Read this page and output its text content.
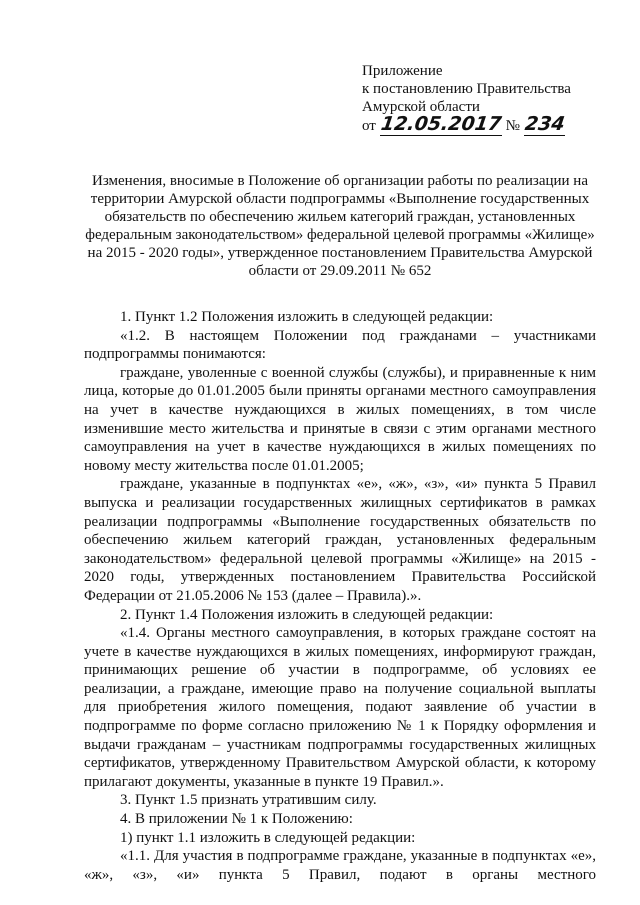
Приложение
к постановлению Правительства
Амурской области
от 12.05.2017 № 234
Изменения, вносимые в Положение об организации работы по реализации на территории Амурской области подпрограммы «Выполнение государственных обязательств по обеспечению жильем категорий граждан, установленных федеральным законодательством» федеральной целевой программы «Жилище» на 2015 - 2020 годы», утвержденное постановлением Правительства Амурской области от 29.09.2011 № 652

1. Пункт 1.2 Положения изложить в следующей редакции:

«1.2. В настоящем Положении под гражданами – участниками подпрограммы понимаются:

граждане, уволенные с военной службы (службы), и приравненные к ним лица, которые до 01.01.2005 были приняты органами местного самоуправления на учет в качестве нуждающихся в жилых помещениях, в том числе изменившие место жительства и принятые в связи с этим органами местного самоуправления на учет в качестве нуждающихся в жилых помещениях по новому месту жительства после 01.01.2005;

граждане, указанные в подпунктах «е», «ж», «з», «и» пункта 5 Правил выпуска и реализации государственных жилищных сертификатов в рамках реализации подпрограммы «Выполнение государственных обязательств по обеспечению жильем категорий граждан, установленных федеральным законодательством» федеральной целевой программы «Жилище» на 2015 - 2020 годы, утвержденных постановлением Правительства Российской Федерации от 21.05.2006 № 153 (далее – Правила).».

2. Пункт 1.4 Положения изложить в следующей редакции:

«1.4. Органы местного самоуправления, в которых граждане состоят на учете в качестве нуждающихся в жилых помещениях, информируют граждан, принимающих решение об участии в подпрограмме, об условиях ее реализации, а граждане, имеющие право на получение социальной выплаты для приобретения жилого помещения, подают заявление об участии в подпрограмме по форме согласно приложению № 1 к Порядку оформления и выдачи гражданам – участникам подпрограммы государственных жилищных сертификатов, утвержденному Правительством Амурской области, к которому прилагают документы, указанные в пункте 19 Правил.».

3. Пункт 1.5 признать утратившим силу.

4. В приложении № 1 к Положению:

1) пункт 1.1 изложить в следующей редакции:

«1.1. Для участия в подпрограмме граждане, указанные в подпунктах «е», «ж», «з», «и» пункта 5 Правил, подают в органы местного
